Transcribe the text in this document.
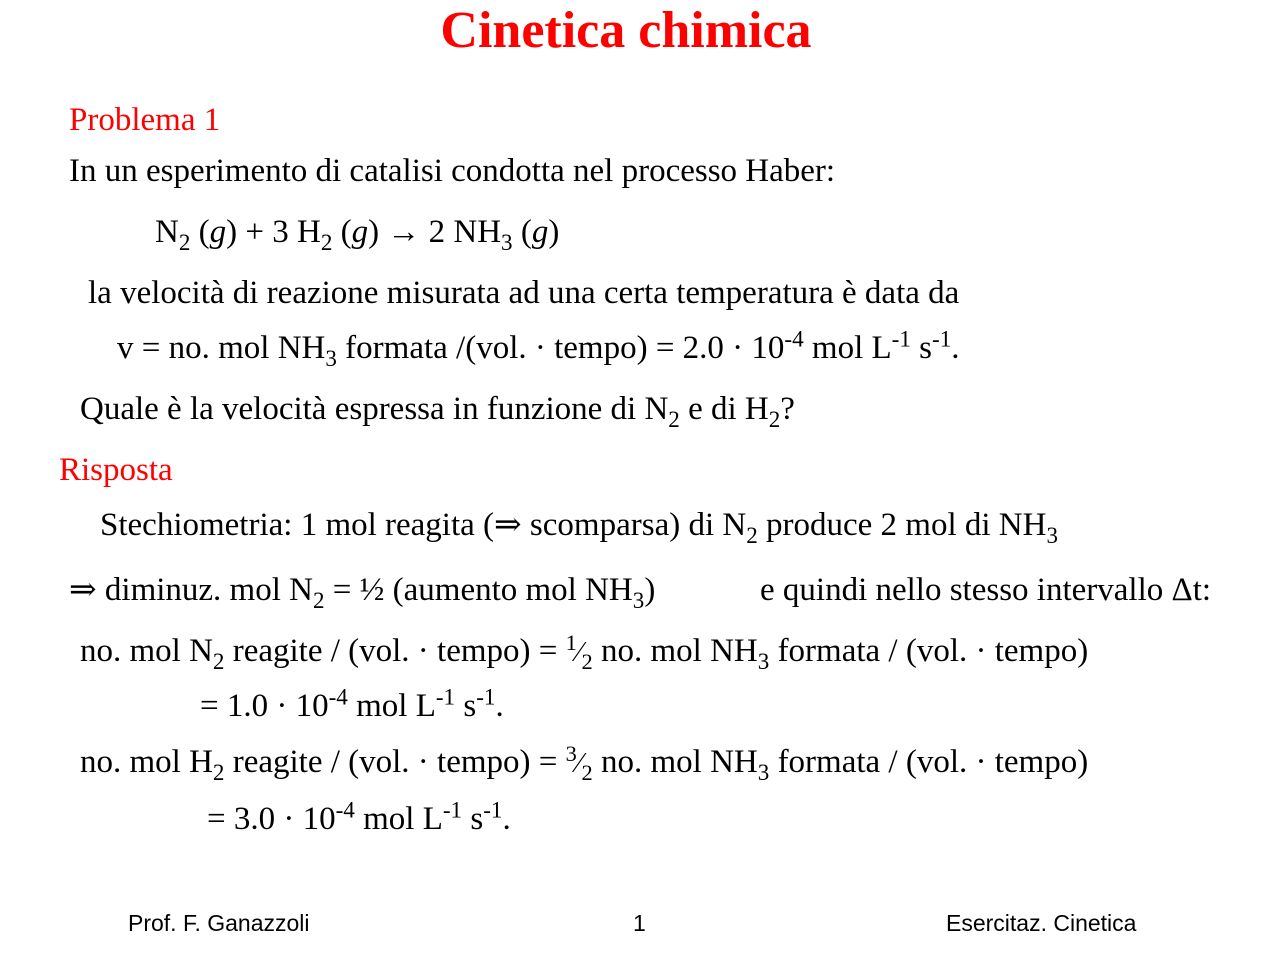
Cinetica chimica
Problema 1
In un esperimento di catalisi condotta nel processo Haber:
$N_2$ (g) + 3 $H_2$ (g) → 2 $NH_3$ (g)
la velocità di reazione misurata ad una certa temperatura è data da
v = no. mol $NH_3$ formata /(vol. · tempo) = $2.0 \cdot 10^{-4}$ mol $L^{-1}$ $s^{-1}$.
Quale è la velocità espressa in funzione di $N_2$ e di $H_2$?
Risposta
Stechiometria: 1 mol reagita (⇒ scomparsa) di $N_2$ produce 2 mol di $NH_3$
⇒ diminuz. mol $N_2$ = ½ (aumento mol $NH_3$)	e quindi nello stesso intervallo Δt:
no. mol $N_2$ reagite / (vol. · tempo) = $^1⁄_2$ no. mol $NH_3$ formata / (vol. · tempo)
= $1.0 \cdot 10^{-4}$ mol $L^{-1}$ $s^{-1}$.
no. mol $H_2$ reagite / (vol. · tempo) = $^3⁄_2$ no. mol $NH_3$ formata / (vol. · tempo)
= $3.0 \cdot 10^{-4}$ mol $L^{-1}$ $s^{-1}$.
Prof. F. Ganazzoli	1	Esercitaz. Cinetica
